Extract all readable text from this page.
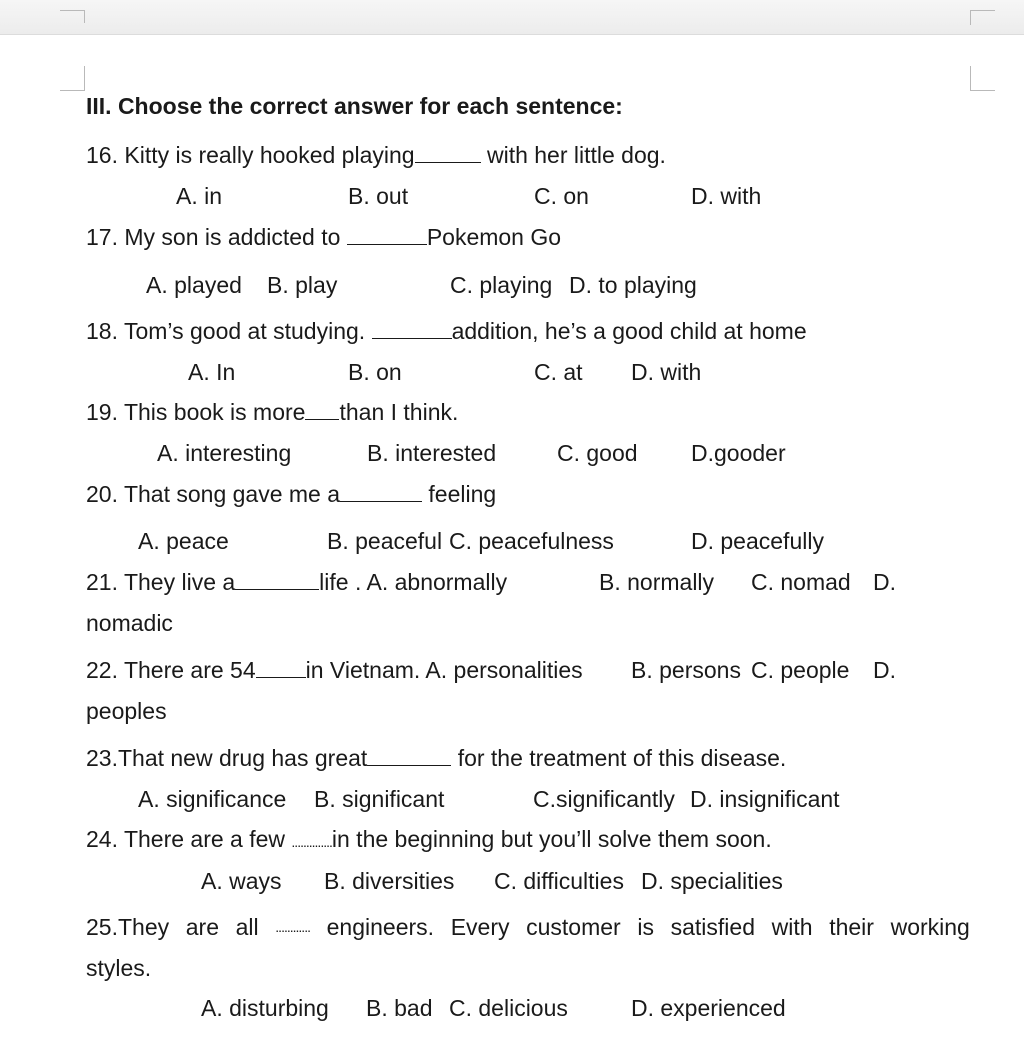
III. Choose the correct answer for each sentence:
16. Kitty is really hooked playing	with her little dog.
A. in	B. out	C. on	D. with
17. My son is addicted to	Pokemon Go
A. played B. play	C. playing D. to playing
18. Tom’s good at studying.	addition, he’s a good child at home
A. In	B. on	C. at D. with
19. This book is more than I think.
A. interesting	B. interested	C. good D.gooder
20. That song gave me a	feeling
A. peace	B. peaceful C. peacefulness	D. peacefully
21. They live a	life . A. abnormally	B. normally C. nomad D.
nomadic
22. There are 54 in Vietnam. A. personalities B. persons C. people D.
peoples
23.That new drug has great	for the treatment of this disease.
A. significance B. significant	C.significantly D. insignificant
24. There are a few ..............in the beginning but you’ll solve them soon.
A. ways B. diversities C. difficulties D. specialities
25.They are all ............ engineers. Every customer is satisfied with their working
styles.
A. disturbing B. bad C. delicious	D. experienced
